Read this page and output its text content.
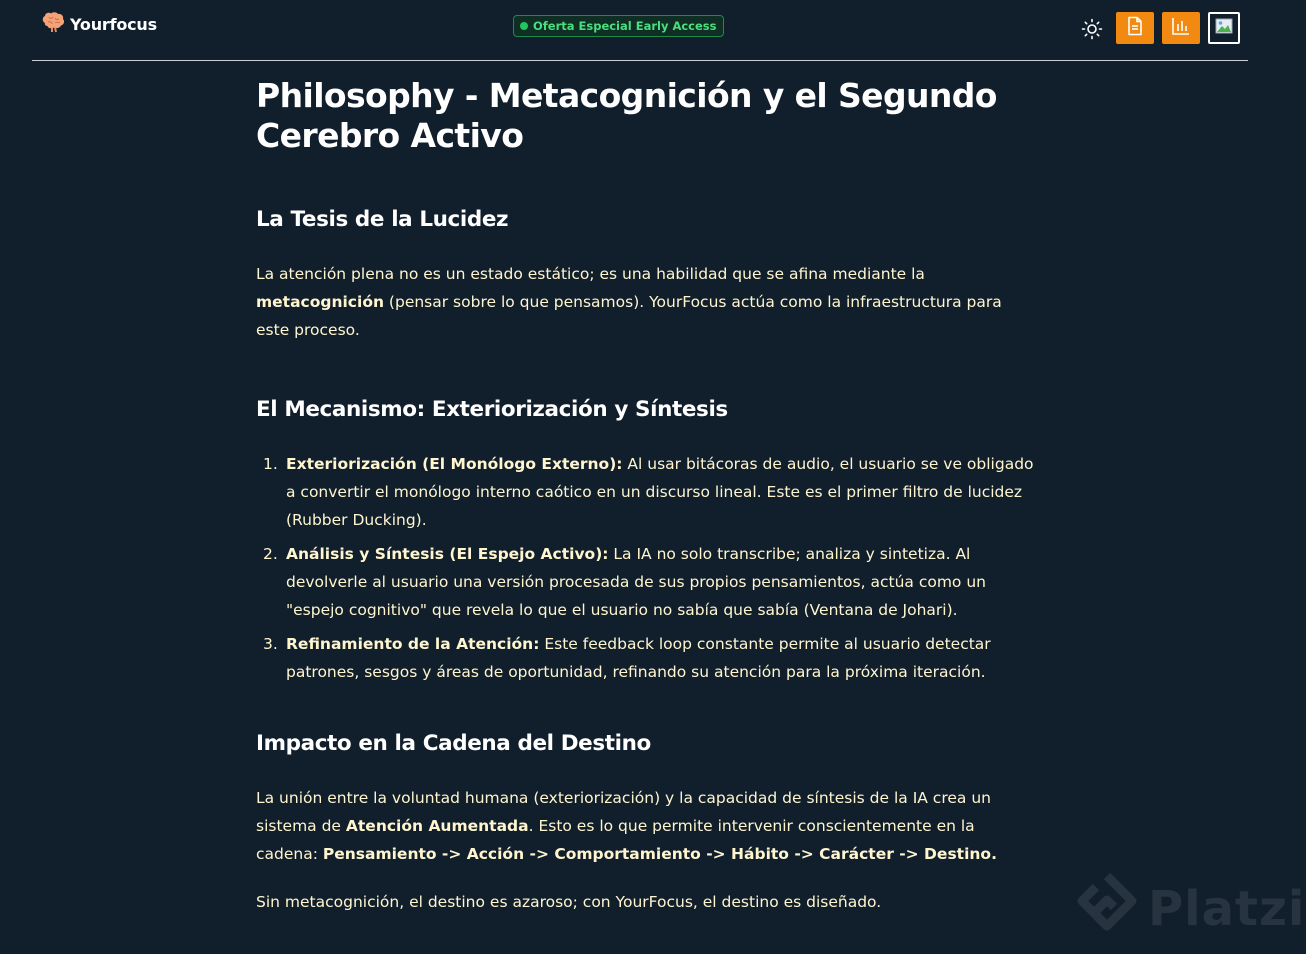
Yourfocus	Oferta Especial Early Access
Philosophy - Metacognición y el Segundo Cerebro Activo
La Tesis de la Lucidez

La atención plena no es un estado estático; es una habilidad que se afina mediante la metacognición (pensar sobre lo que pensamos). YourFocus actúa como la infraestructura para este proceso.

El Mecanismo: Exteriorización y Síntesis
1. Exteriorización (El Monólogo Externo): Al usar bitácoras de audio, el usuario se ve obligado a convertir el monólogo interno caótico en un discurso lineal. Este es el primer filtro de lucidez (Rubber Ducking).
2. Análisis y Síntesis (El Espejo Activo): La IA no solo transcribe; analiza y sintetiza. Al devolverle al usuario una versión procesada de sus propios pensamientos, actúa como un "espejo cognitivo" que revela lo que el usuario no sabía que sabía (Ventana de Johari).
3. Refinamiento de la Atención: Este feedback loop constante permite al usuario detectar patrones, sesgos y áreas de oportunidad, refinando su atención para la próxima iteración.
Impacto en la Cadena del Destino

La unión entre la voluntad humana (exteriorización) y la capacidad de síntesis de la IA crea un sistema de Atención Aumentada. Esto es lo que permite intervenir conscientemente en la cadena: Pensamiento -> Acción -> Comportamiento -> Hábito -> Carácter -> Destino.

Sin metacognición, el destino es azaroso; con YourFocus, el destino es diseñado.	Platzi
